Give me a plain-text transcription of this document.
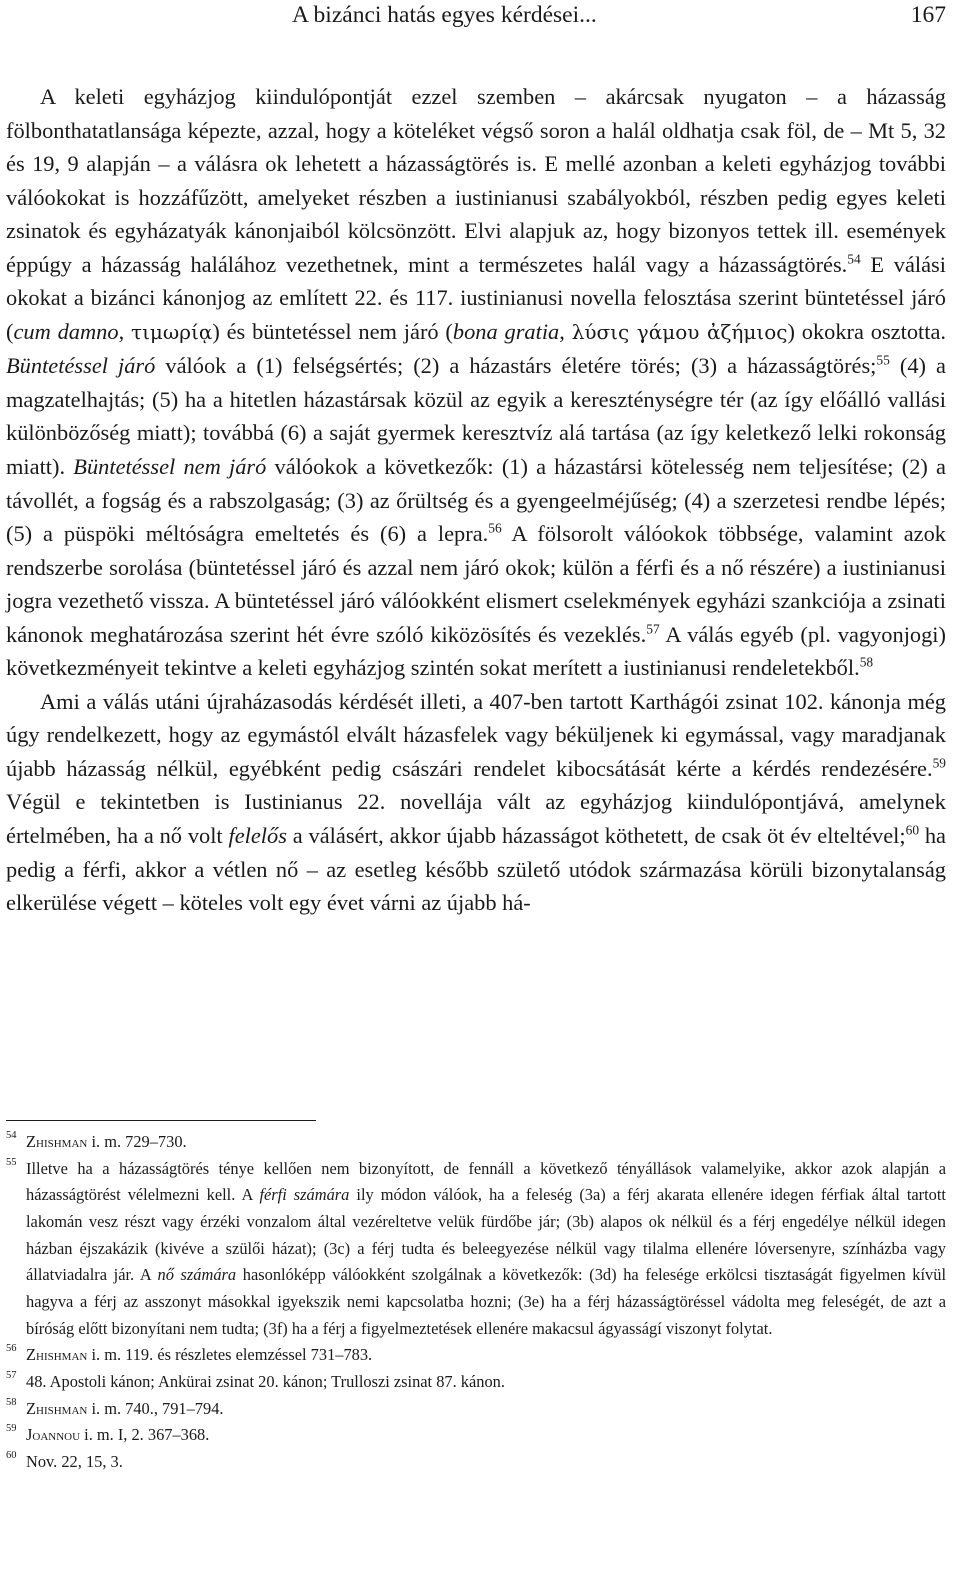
A bizánci hatás egyes kérdései...	167

A keleti egyházjog kiindulópontját ezzel szemben – akárcsak nyugaton – a házasság fölbonthatatlansága képezte, azzal, hogy a köteléket végső soron a halál oldhatja csak föl, de – Mt 5, 32 és 19, 9 alapján – a válásra ok lehetett a házasságtörés is. E mellé azonban a keleti egyházjog további válóokokat is hozzáfűzött, amelyeket részben a iustinianusi szabályokból, részben pedig egyes keleti zsinatok és egyházatyák kánonjaiból kölcsönzött. Elvi alapjuk az, hogy bizonyos tettek ill. események éppúgy a házasság halálához vezethetnek, mint a természetes halál vagy a házasságtörés.$^{54}$ E válási okokat a bizánci kánonjog az említett 22. és 117. iustinianusi novella felosztása szerint büntetéssel járó (cum damno, τιμωρίᾳ) és büntetéssel nem járó (bona gratia, λύσις γάμου ἀζήμιος) okokra osztotta. Büntetéssel járó válóok a (1) felségsértés; (2) a házastárs életére törés; (3) a házasságtörés;$^{55}$ (4) a magzatelhajtás; (5) ha a hitetlen házastársak közül az egyik a kereszténységre tér (az így előálló vallási különbözőség miatt); továbbá (6) a saját gyermek keresztvíz alá tartása (az így keletkező lelki rokonság miatt). Büntetéssel nem járó válóokok a következők: (1) a házastársi kötelesség nem teljesítése; (2) a távollét, a fogság és a rabszolgaság; (3) az őrültség és a gyengeelméjűség; (4) a szerzetesi rendbe lépés; (5) a püspöki méltóságra emeltetés és (6) a lepra.$^{56}$ A fölsorolt válóokok többsége, valamint azok rendszerbe sorolása (büntetéssel járó és azzal nem járó okok; külön a férfi és a nő részére) a iustinianusi jogra vezethető vissza. A büntetéssel járó válóokként elismert cselekmények egyházi szankciója a zsinati kánonok meghatározása szerint hét évre szóló kiközösítés és vezeklés.$^{57}$ A válás egyéb (pl. vagyonjogi) következményeit tekintve a keleti egyházjog szintén sokat merített a iustinianusi rendeletekből.$^{58}$

Ami a válás utáni újraházasodás kérdését illeti, a 407-ben tartott Karthágói zsinat 102. kánonja még úgy rendelkezett, hogy az egymástól elvált házasfelek vagy béküljenek ki egymással, vagy maradjanak újabb házasság nélkül, egyébként pedig császári rendelet kibocsátását kérte a kérdés rendezésére.$^{59}$ Végül e tekintetben is Iustinianus 22. novellája vált az egyházjog kiindulópontjává, amelynek értelmében, ha a nő volt felelős a válásért, akkor újabb házasságot köthetett, de csak öt év elteltével;$^{60}$ ha pedig a férfi, akkor a vétlen nő – az esetleg később születő utódok származása körüli bizonytalanság elkerülése végett – köteles volt egy évet várni az újabb há-

54 Zhishman i. m. 729–730.
55 Illetve ha a házasságtörés ténye kellően nem bizonyított, de fennáll a következő tényállások valamelyike, akkor azok alapján a házasságtörést vélelmezni kell. A férfi számára ily módon válóok, ha a feleség (3a) a férj akarata ellenére idegen férfiak által tartott lakomán vesz részt vagy érzéki vonzalom által vezéreltetve velük fürdőbe jár; (3b) alapos ok nélkül és a férj engedélye nélkül idegen házban éjszakázik (kivéve a szülői házat); (3c) a férj tudta és beleegyezése nélkül vagy tilalma ellenére lóversenyre, színházba vagy állatviadalra jár. A nő számára hasonlóképp válóokként szolgálnak a következők: (3d) ha felesége erkölcsi tisztaságát figyelmen kívül hagyva a férj az asszonyt másokkal igyekszik nemi kapcsolatba hozni; (3e) ha a férj házasságtöréssel vádolta meg feleségét, de azt a bíróság előtt bizonyítani nem tudta; (3f) ha a férj a figyelmeztetések ellenére makacsul ágyasságí viszonyt folytat.
56 Zhishman i. m. 119. és részletes elemzéssel 731–783.
57 48. Apostoli kánon; Ankürai zsinat 20. kánon; Trulloszi zsinat 87. kánon.
58 Zhishman i. m. 740., 791–794.
59 Joannou i. m. I, 2. 367–368.
60 Nov. 22, 15, 3.
